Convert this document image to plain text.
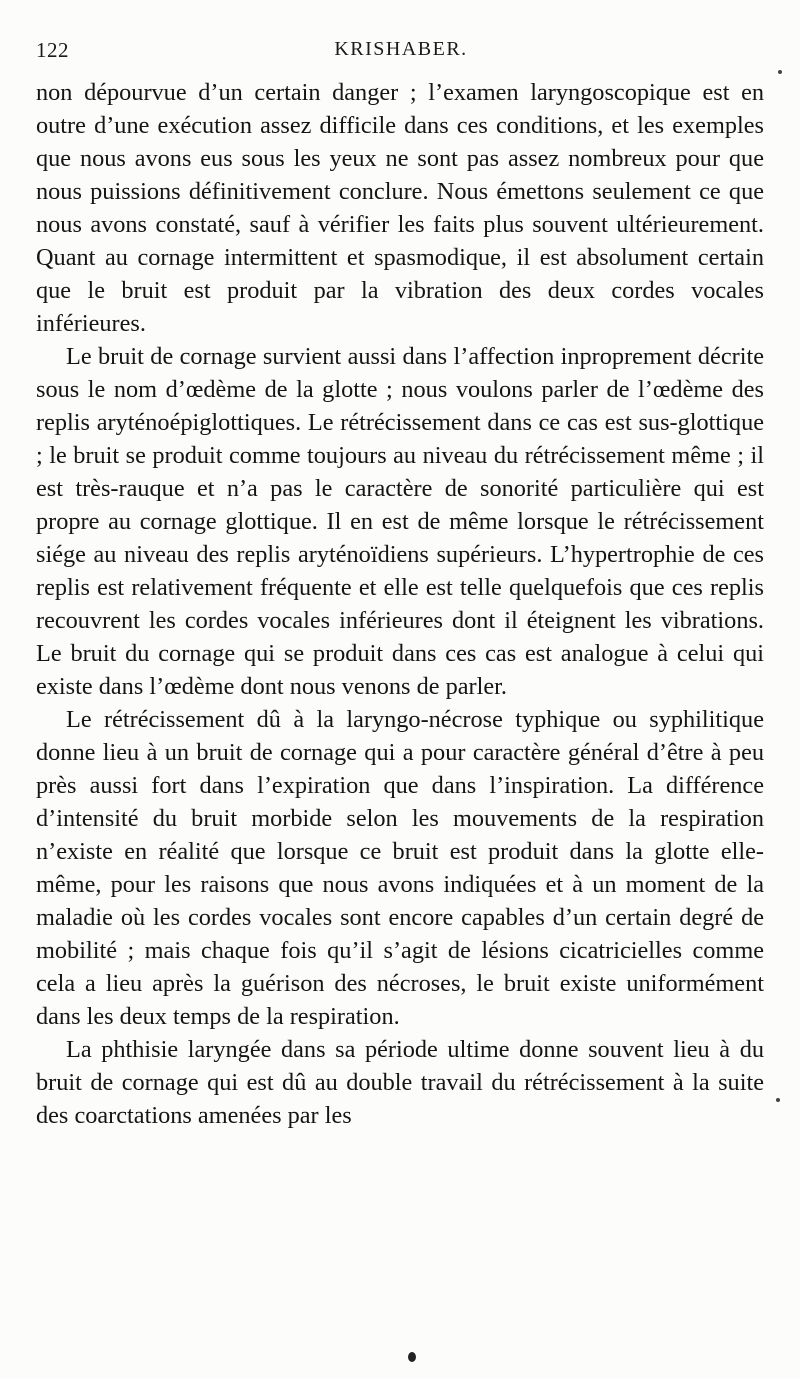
122	KRISHABER.

non dépourvue d’un certain danger ; l’examen laryngoscopique est en outre d’une exécution assez difficile dans ces conditions, et les exemples que nous avons eus sous les yeux ne sont pas assez nombreux pour que nous puissions définitivement conclure. Nous émettons seulement ce que nous avons constaté, sauf à vérifier les faits plus souvent ultérieurement. Quant au cornage intermittent et spasmodique, il est absolument certain que le bruit est produit par la vibration des deux cordes vocales inférieures.

Le bruit de cornage survient aussi dans l’affection inproprement décrite sous le nom d’œdème de la glotte ; nous voulons parler de l’œdème des replis aryténoépiglottiques. Le rétrécissement dans ce cas est sus-glottique ; le bruit se produit comme toujours au niveau du rétrécissement même ; il est très-rauque et n’a pas le caractère de sonorité particulière qui est propre au cornage glottique. Il en est de même lorsque le rétrécissement siége au niveau des replis aryténoïdiens supérieurs. L’hypertrophie de ces replis est relativement fréquente et elle est telle quelquefois que ces replis recouvrent les cordes vocales inférieures dont il éteignent les vibrations. Le bruit du cornage qui se produit dans ces cas est analogue à celui qui existe dans l’œdème dont nous venons de parler.

Le rétrécissement dû à la laryngo-nécrose typhique ou syphilitique donne lieu à un bruit de cornage qui a pour caractère général d’être à peu près aussi fort dans l’expiration que dans l’inspiration. La différence d’intensité du bruit morbide selon les mouvements de la respiration n’existe en réalité que lorsque ce bruit est produit dans la glotte elle-même, pour les raisons que nous avons indiquées et à un moment de la maladie où les cordes vocales sont encore capables d’un certain degré de mobilité ; mais chaque fois qu’il s’agit de lésions cicatricielles comme cela a lieu après la guérison des nécroses, le bruit existe uniformément dans les deux temps de la respiration.

La phthisie laryngée dans sa période ultime donne souvent lieu à du bruit de cornage qui est dû au double travail du rétrécissement à la suite des coarctations amenées par les
